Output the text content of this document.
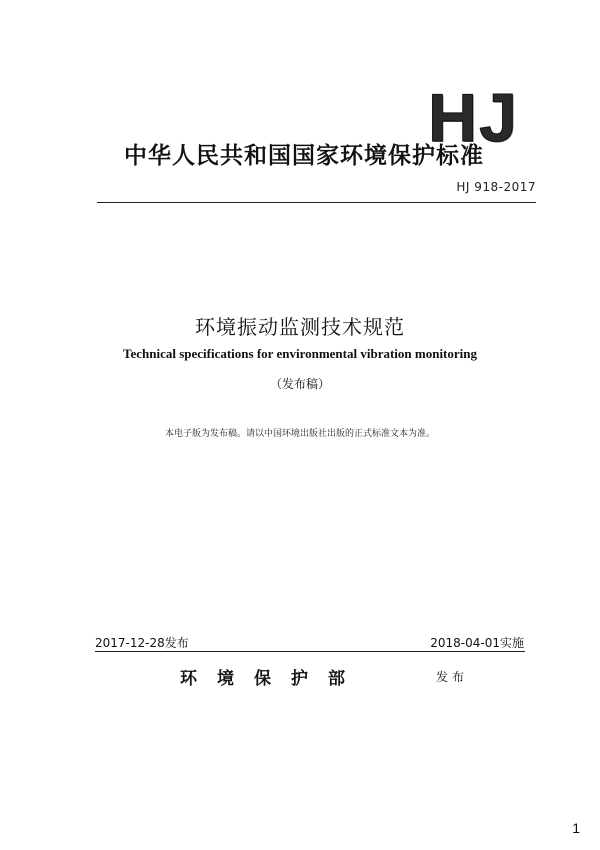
HJ
中华人民共和国国家环境保护标准
HJ 918-2017
环境振动监测技术规范
Technical specifications for environmental vibration monitoring
（发布稿）
本电子版为发布稿。请以中国环境出版社出版的正式标准文本为准。
2017-12-28发布	2018-04-01实施
环境保护部	发布
1
